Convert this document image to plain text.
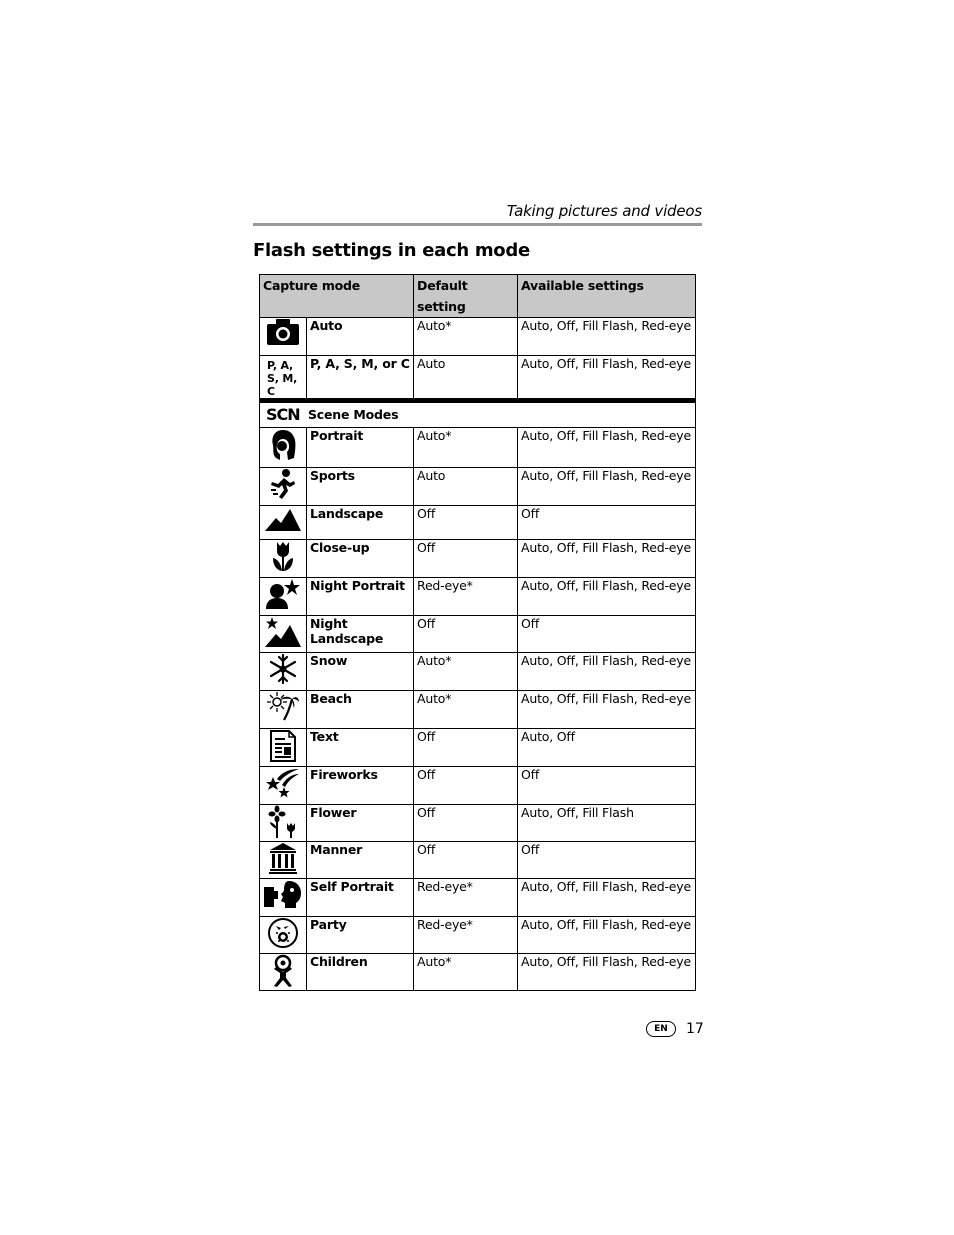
Taking pictures and videos
Flash settings in each mode
Capture mode		Default setting	Available settings

	Auto	Auto*	Auto, Off, Fill Flash, Red-eye

P, A, S, M, C	P, A, S, M, or C	Auto	Auto, Off, Fill Flash, Red-eye

SCN Scene Modes			

	Portrait	Auto*	Auto, Off, Fill Flash, Red-eye

	Sports	Auto	Auto, Off, Fill Flash, Red-eye

	Landscape	Off	Off

	Close-up	Off	Auto, Off, Fill Flash, Red-eye

	Night Portrait	Red-eye*	Auto, Off, Fill Flash, Red-eye

	Night Landscape	Off	Off

	Snow	Auto*	Auto, Off, Fill Flash, Red-eye

	Beach	Auto*	Auto, Off, Fill Flash, Red-eye

	Text	Off	Auto, Off

	Fireworks	Off	Off

	Flower	Off	Auto, Off, Fill Flash

	Manner	Off	Off

	Self Portrait	Red-eye*	Auto, Off, Fill Flash, Red-eye

	Party	Red-eye*	Auto, Off, Fill Flash, Red-eye

	Children	Auto*	Auto, Off, Fill Flash, Red-eye
EN	17
